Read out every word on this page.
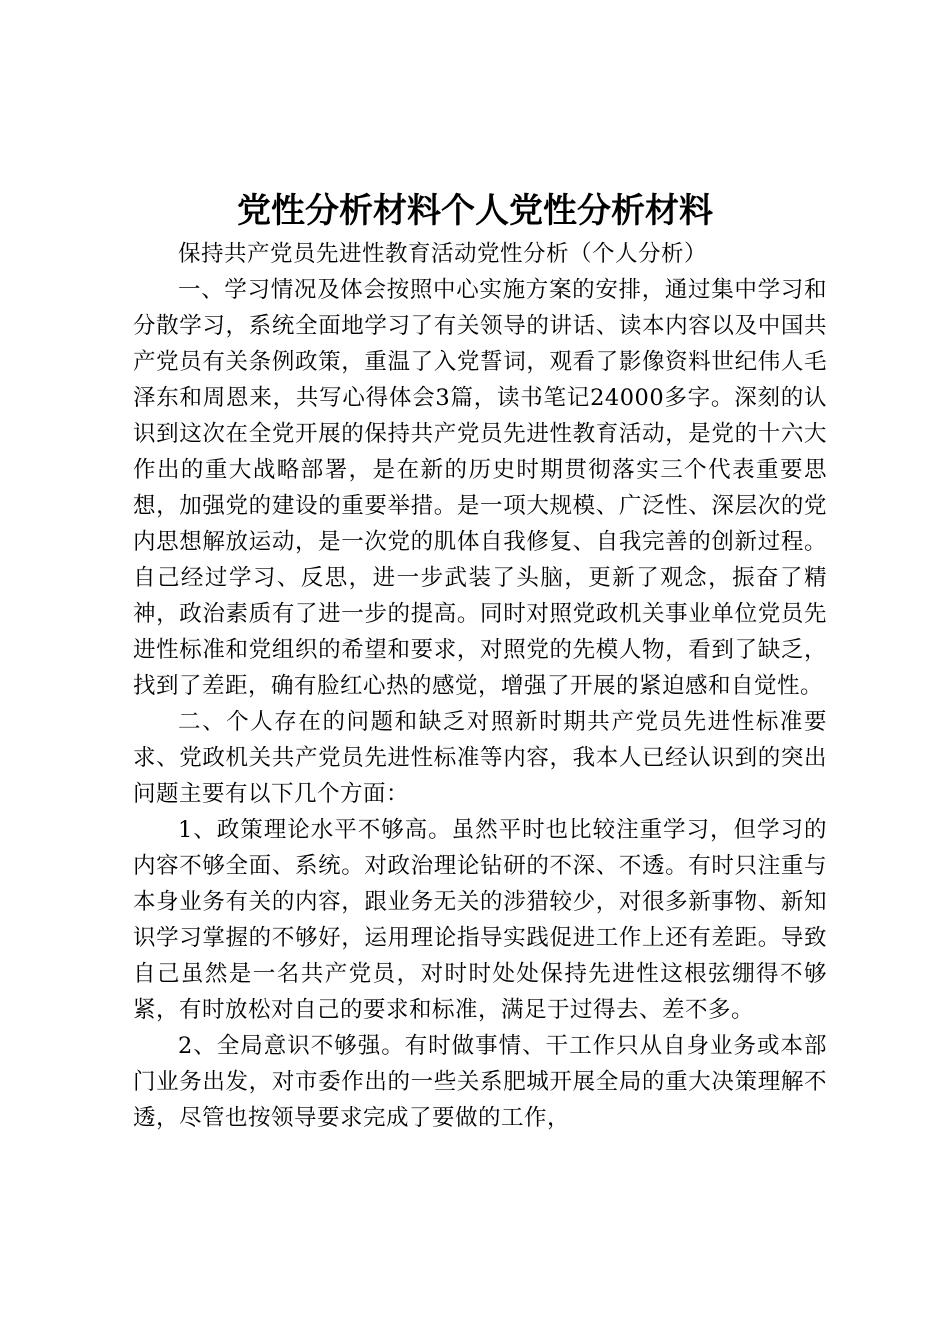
党性分析材料个人党性分析材料

保持共产党员先进性教育活动党性分析（个人分析）

一、学习情况及体会按照中心实施方案的安排，通过集中学习和分散学习，系统全面地学习了有关领导的讲话、读本内容以及中国共产党员有关条例政策，重温了入党誓词，观看了影像资料世纪伟人毛泽东和周恩来，共写心得体会3篇，读书笔记24000多字。深刻的认识到这次在全党开展的保持共产党员先进性教育活动，是党的十六大作出的重大战略部署，是在新的历史时期贯彻落实三个代表重要思想，加强党的建设的重要举措。是一项大规模、广泛性、深层次的党内思想解放运动，是一次党的肌体自我修复、自我完善的创新过程。自己经过学习、反思，进一步武装了头脑，更新了观念，振奋了精神，政治素质有了进一步的提高。同时对照党政机关事业单位党员先进性标准和党组织的希望和要求，对照党的先模人物，看到了缺乏，找到了差距，确有脸红心热的感觉，增强了开展的紧迫感和自觉性。

二、个人存在的问题和缺乏对照新时期共产党员先进性标准要求、党政机关共产党员先进性标准等内容，我本人已经认识到的突出问题主要有以下几个方面：

1、政策理论水平不够高。虽然平时也比较注重学习，但学习的内容不够全面、系统。对政治理论钻研的不深、不透。有时只注重与本身业务有关的内容，跟业务无关的涉猎较少，对很多新事物、新知识学习掌握的不够好，运用理论指导实践促进工作上还有差距。导致自己虽然是一名共产党员，对时时处处保持先进性这根弦绷得不够紧，有时放松对自己的要求和标准，满足于过得去、差不多。

2、全局意识不够强。有时做事情、干工作只从自身业务或本部门业务出发，对市委作出的一些关系肥城开展全局的重大决策理解不透，尽管也按领导要求完成了要做的工作，
